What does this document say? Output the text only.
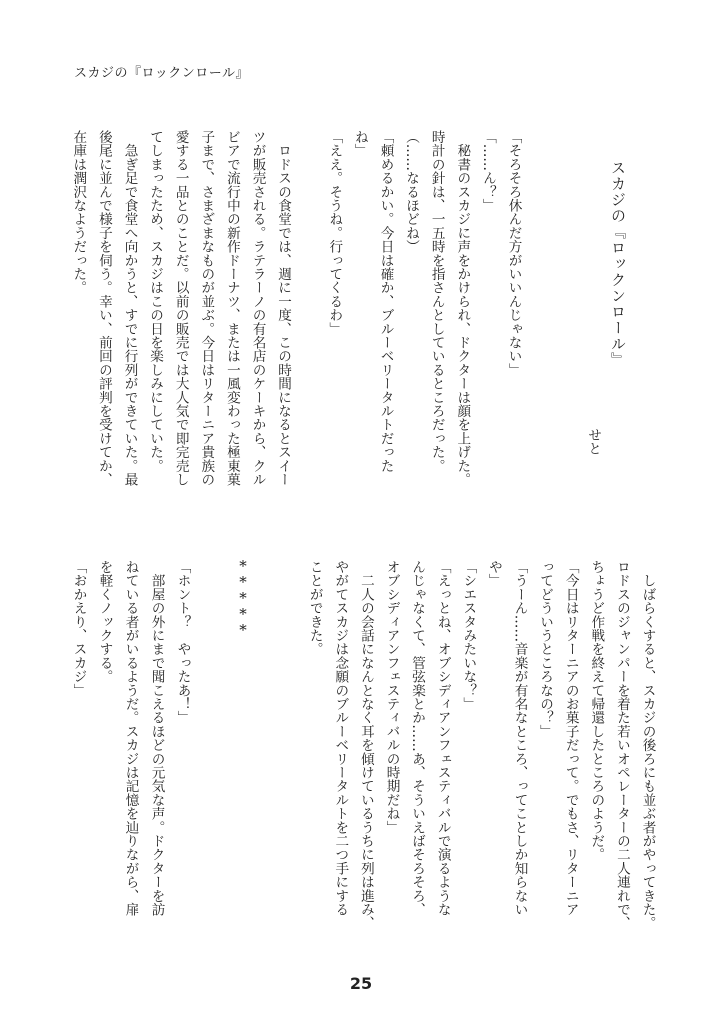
スカジの『ロックンロール』
スカジの『ロックンロール』
せと
「そろそろ休んだ方がいいんじゃない」
「……ん？」
　秘書のスカジに声をかけられ、ドクターは顔を上げた。
時計の針は、一五時を指さんとしているところだった。
（……なるほどね）
「頼めるかい。今日は確か、ブルーベリータルトだった
ね」
「ええ。そうね。行ってくるわ」
　ロドスの食堂では、週に一度、この時間になるとスイー
ツが販売される。ラテラーノの有名店のケーキから、クル
ビアで流行中の新作ドーナツ、または一風変わった極東菓
子まで、さまざまなものが並ぶ。今日はリターニア貴族の
愛する一品とのことだ。以前の販売では大人気で即完売し
てしまったため、スカジはこの日を楽しみにしていた。
　急ぎ足で食堂へ向かうと、すでに行列ができていた。最
後尾に並んで様子を伺う。幸い、前回の評判を受けてか、
在庫は潤沢なようだった。
　しばらくすると、スカジの後ろにも並ぶ者がやってきた。
ロドスのジャンパーを着た若いオペレーターの二人連れで、
ちょうど作戦を終えて帰還したところのようだ。
「今日はリターニアのお菓子だって。でもさ、リターニア
ってどういうところなの？」
「うーん……音楽が有名なところ、ってことしか知らない
や」
「シエスタみたいな？」
「えっとね、オブシディアンフェスティバルで演るような
んじゃなくて、管弦楽とか……あ、そういえばそろそろ、
オブシディアンフェスティバルの時期だね」
　二人の会話になんとなく耳を傾けているうちに列は進み、
やがてスカジは念願のブルーベリータルトを二つ手にする
ことができた。
*****
「ホント？　やったあ！」
　部屋の外にまで聞こえるほどの元気な声。ドクターを訪
ねている者がいるようだ。スカジは記憶を辿りながら、扉
を軽くノックする。
「おかえり、スカジ」
25
